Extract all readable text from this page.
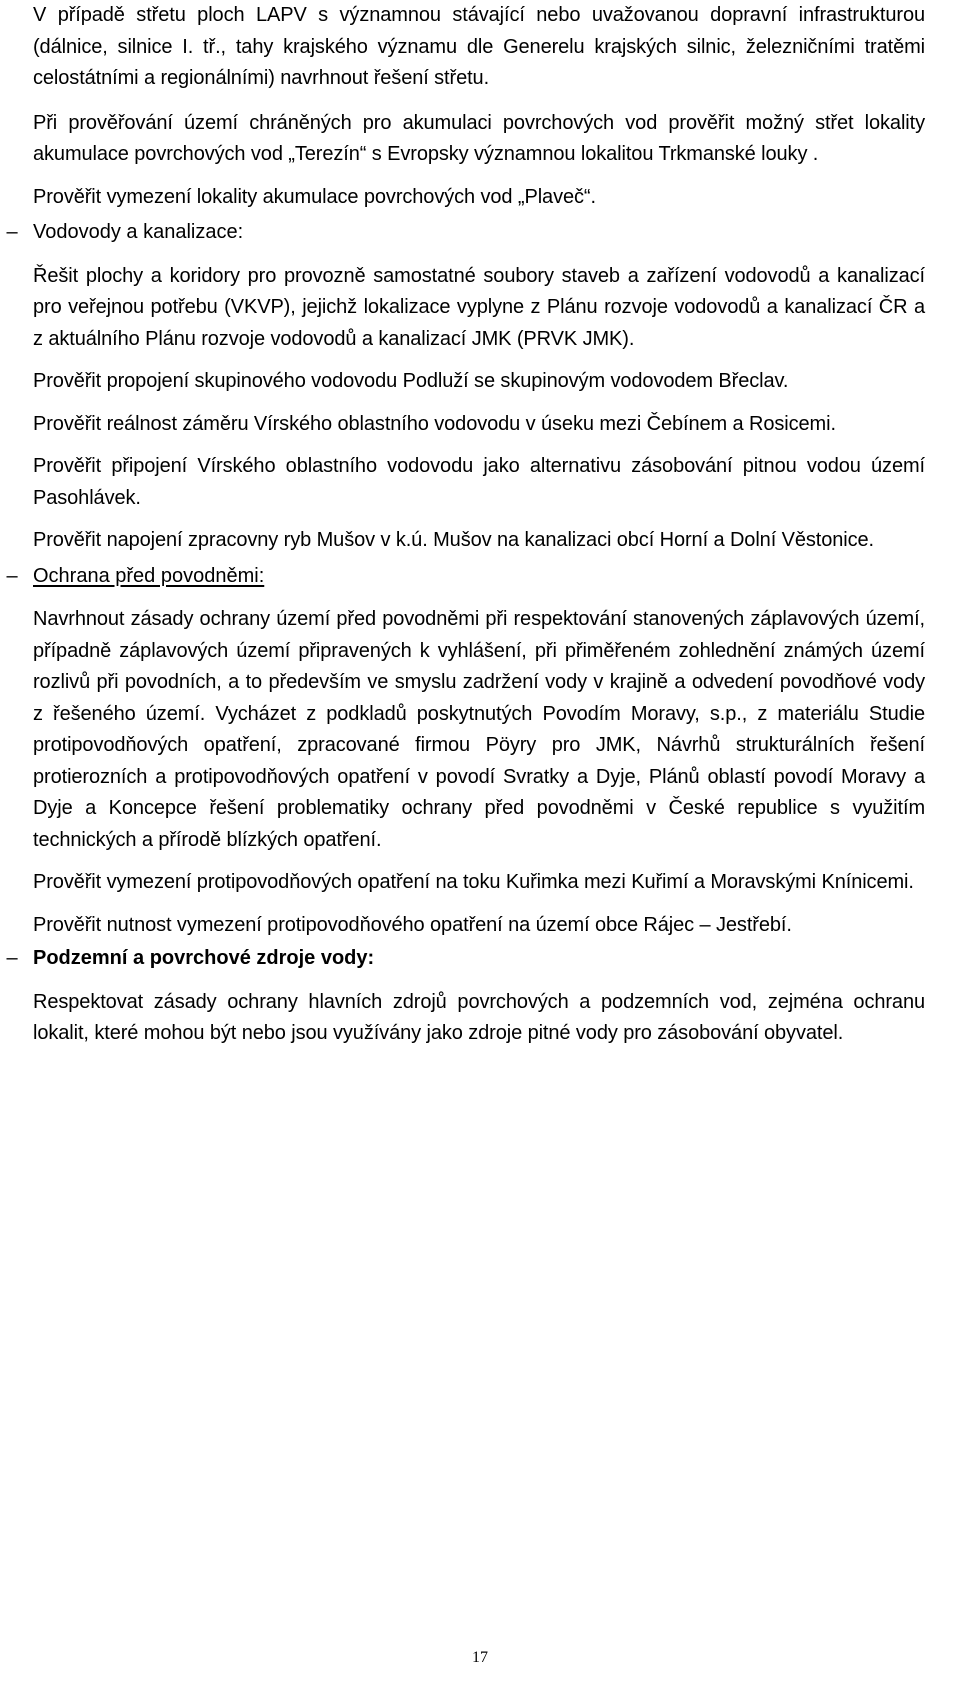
V případě střetu ploch LAPV s významnou stávající nebo uvažovanou dopravní infrastrukturou (dálnice, silnice I. tř., tahy krajského významu dle Generelu krajských silnic, železničními tratěmi celostátními a regionálními) navrhnout řešení střetu.

Při prověřování území chráněných pro akumulaci povrchových vod prověřit možný střet lokality akumulace povrchových vod „Terezín“ s Evropsky významnou lokalitou Trkmanské louky .

Prověřit vymezení lokality akumulace povrchových vod „Plaveč“.

– Vodovody a kanalizace:

Řešit plochy a koridory pro provozně samostatné soubory staveb a zařízení vodovodů a kanalizací pro veřejnou potřebu (VKVP), jejichž lokalizace vyplyne z Plánu rozvoje vodovodů a kanalizací ČR a z aktuálního Plánu rozvoje vodovodů a kanalizací JMK (PRVK JMK).

Prověřit propojení skupinového vodovodu Podluží se skupinovým vodovodem Břeclav.

Prověřit reálnost záměru Vírského oblastního vodovodu v úseku mezi Čebínem a Rosicemi.

Prověřit připojení Vírského oblastního vodovodu jako alternativu zásobování pitnou vodou území Pasohlávek.

Prověřit napojení zpracovny ryb Mušov v k.ú. Mušov na kanalizaci obcí Horní a Dolní Věstonice.

– Ochrana před povodněmi:

Navrhnout zásady ochrany území před povodněmi při respektování stanovených záplavových území, případně záplavových území připravených k vyhlášení, při přiměřeném zohlednění známých území rozlivů při povodních, a to především ve smyslu zadržení vody v krajině a odvedení povodňové vody z řešeného území. Vycházet z podkladů poskytnutých Povodím Moravy, s.p., z materiálu Studie protipovodňových opatření, zpracované firmou Pöyry pro JMK, Návrhů strukturálních řešení protierozních a protipovodňových opatření v povodí Svratky a Dyje, Plánů oblastí povodí Moravy a Dyje a Koncepce řešení problematiky ochrany před povodněmi v České republice s využitím technických a přírodě blízkých opatření.

Prověřit vymezení protipovodňových opatření na toku Kuřimka mezi Kuřimí a Moravskými Knínicemi.

Prověřit nutnost vymezení protipovodňového opatření na území obce Rájec – Jestřebí.

– Podzemní a povrchové zdroje vody:

Respektovat zásady ochrany hlavních zdrojů povrchových a podzemních vod, zejména ochranu lokalit, které mohou být nebo jsou využívány jako zdroje pitné vody pro zásobování obyvatel.

17
